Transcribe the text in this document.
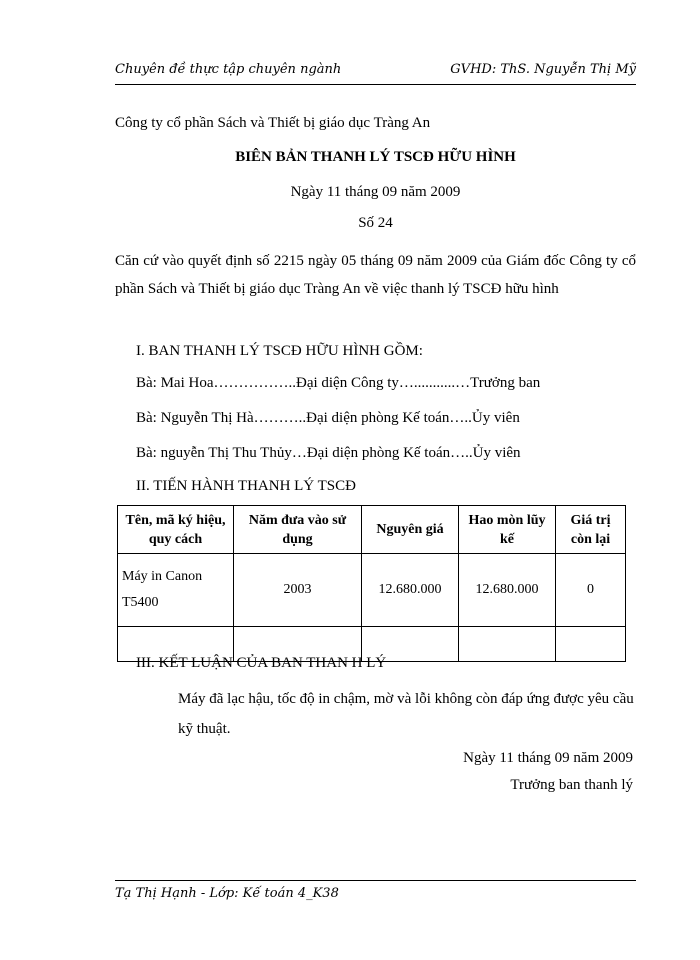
Chuyên đề thực tập chuyên ngành	GVHD: ThS. Nguyễn Thị Mỹ
Công ty cổ phần Sách và Thiết bị giáo dục Tràng An
BIÊN BẢN THANH LÝ TSCĐ HỮU HÌNH
Ngày 11 tháng 09 năm 2009
Số 24
Căn cứ vào quyết định số 2215 ngày 05 tháng 09 năm 2009 của Giám đốc Công ty cổ phần Sách và Thiết bị giáo dục Tràng An về việc thanh lý TSCĐ hữu hình
I. BAN THANH LÝ TSCĐ HỮU HÌNH GỒM:
Bà: Mai Hoa……………..Đại diện Công ty…...........…Trưởng ban
Bà: Nguyễn Thị Hà………..Đại diện phòng Kế toán…..Ủy viên
Bà: nguyễn Thị Thu Thủy…Đại diện phòng Kế toán…..Ủy viên
II. TIẾN HÀNH THANH LÝ TSCĐ
Tên, mã ký hiệu, quy cách	Năm đưa vào sử dụng	Nguyên giá	Hao mòn lũy kế	Giá trị còn lại
Máy in Canon T5400	2003	12.680.000	12.680.000	0

III. KẾT LUẬN CỦA BAN THAN H LÝ
Máy đã lạc hậu, tốc độ in chậm, mờ và lỗi không còn đáp ứng được yêu cầu kỹ thuật.
Ngày 11 tháng 09 năm 2009
Trưởng ban thanh lý
Tạ Thị Hạnh - Lớp: Kế toán 4_K38
